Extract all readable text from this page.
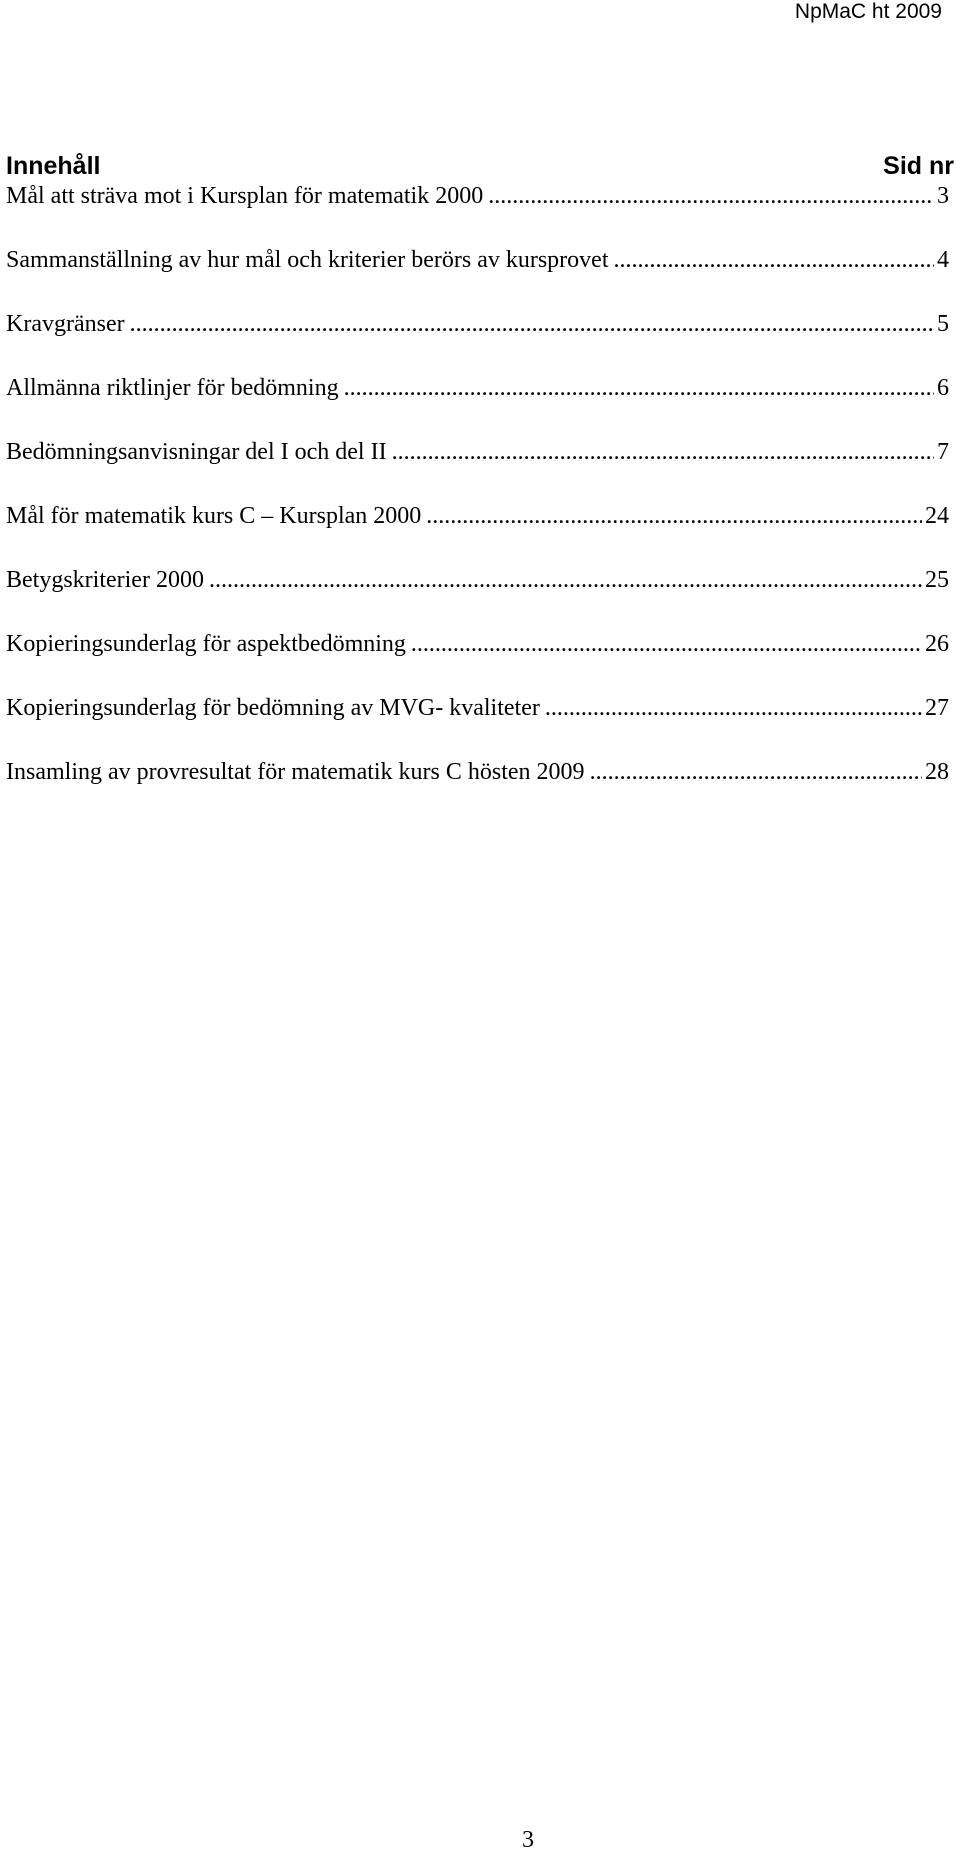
NpMaC ht 2009
Innehåll	Sid nr
Mål att sträva mot i Kursplan för matematik 2000 .....	3
Sammanställning av hur mål och kriterier berörs av kursprovet .....	4
Kravgränser .....	5
Allmänna riktlinjer för bedömning .....	6
Bedömningsanvisningar del I och del II .....	7
Mål för matematik kurs C – Kursplan 2000 .....	24
Betygskriterier 2000 .....	25
Kopieringsunderlag för aspektbedömning .....	26
Kopieringsunderlag för bedömning av MVG- kvaliteter .....	27
Insamling av provresultat för matematik kurs C hösten 2009 .....	28
3
